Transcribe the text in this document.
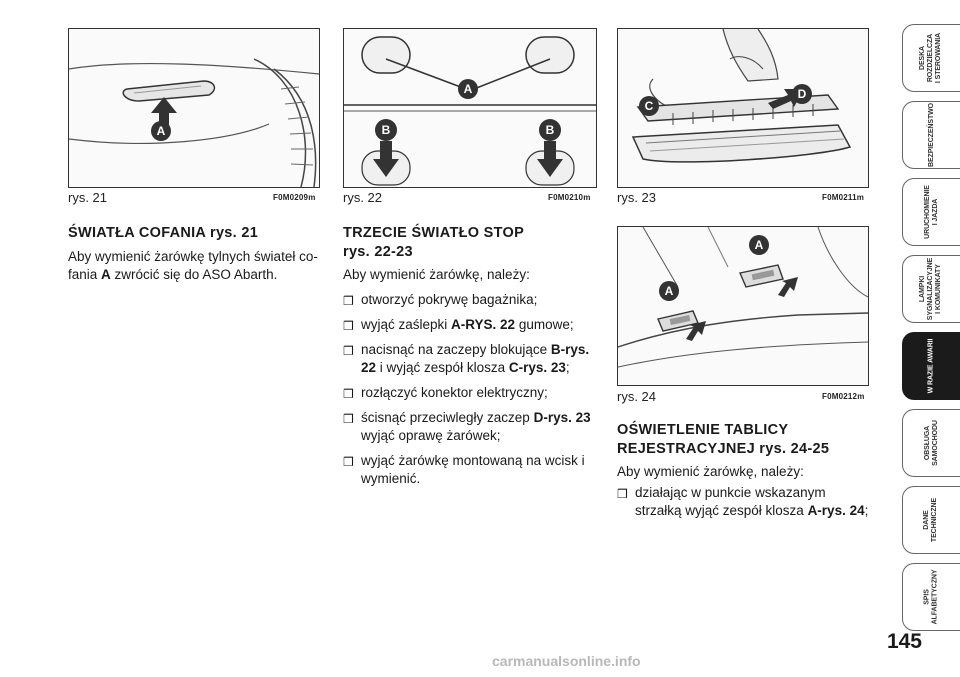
A
rys. 21	F0M0209m
A
B	B
rys. 22	F0M0210m
C
D
rys. 23	F0M0211m
A
A
rys. 24	F0M0212m
ŚWIATŁA COFANIA rys. 21
Aby wymienić żarówkę tylnych świateł co-fania A zwrócić się do ASO Abarth.
TRZECIE ŚWIATŁO STOP
rys. 22-23
Aby wymienić żarówkę, należy:
❒ otworzyć pokrywę bagażnika;
❒ wyjąć zaślepki A-RYS. 22 gumowe;
❒ nacisnąć na zaczepy blokujące B-rys. 22 i wyjąć zespół klosza C-rys. 23;
❒ rozłączyć konektor elektryczny;
❒ ścisnąć przeciwległy zaczep D-rys. 23 wyjąć oprawę żarówek;
❒ wyjąć żarówkę montowaną na wcisk i wymienić.
OŚWIETLENIE TABLICY
REJESTRACYJNEJ rys. 24-25
Aby wymienić żarówkę, należy:
❒ działając w punkcie wskazanym strzałką wyjąć zespół klosza A-rys. 24;
DESKA
ROZDZIELCZA
I STEROWANIA
BEZPIECZEŃSTWO
URUCHOMIENIE
I JAZDA
LAMPKI
SYGNALIZACYJNE
I KOMUNIKATY
W RAZIE AWARII
OBSŁUGA
SAMOCHODU
DANE
TECHNICZNE
SPIS
ALFABETYCZNY
145
carmanualsonline.info
